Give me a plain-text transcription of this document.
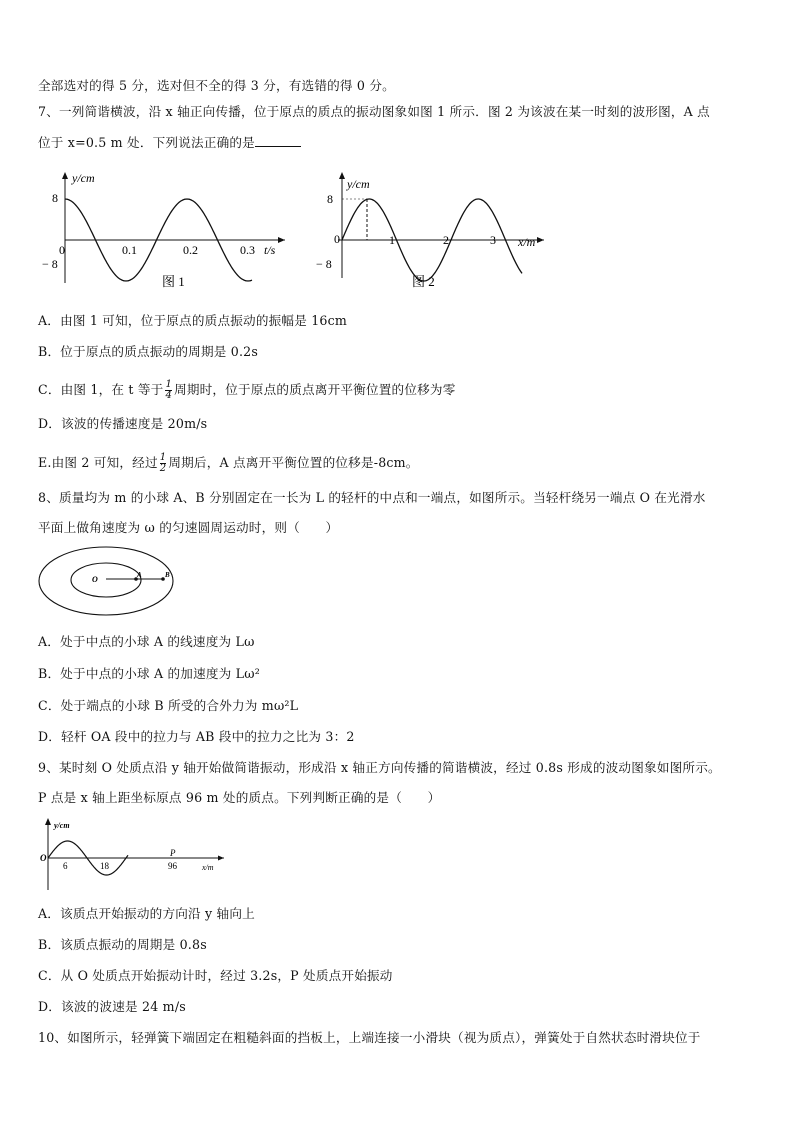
全部选对的得 5 分，选对但不全的得 3 分，有选错的得 0 分。
7、一列简谐横波，沿 x 轴正向传播，位于原点的质点的振动图象如图 1 所示．图 2 为该波在某一时刻的波形图，A 点
位于 x=0.5 m 处．下列说法正确的是
y/cm
8
− 8
0	0.1	0.2	0.3 t/s
图 1
y/cm
8
− 8
0	1	2	3 x/m
图 2
A．由图 1 可知，位于原点的质点振动的振幅是 16cm
B．位于原点的质点振动的周期是 0.2s
C．由图 1，在 t 等于 $\frac{1}{4}$ 周期时，位于原点的质点离开平衡位置的位移为零
D．该波的传播速度是 20m/s
E.由图 2 可知，经过 $\frac{1}{2}$ 周期后，A 点离开平衡位置的位移是-8cm。
8、质量均为 m 的小球 A、B 分别固定在一长为 L 的轻杆的中点和一端点，如图所示。当轻杆绕另一端点 O 在光滑水
平面上做角速度为 ω 的匀速圆周运动时，则（　　）
O	A	B
A．处于中点的小球 A 的线速度为 Lω
B．处于中点的小球 A 的加速度为 Lω²
C．处于端点的小球 B 所受的合外力为 mω²L
D．轻杆 OA 段中的拉力与 AB 段中的拉力之比为 3：2
9、某时刻 O 处质点沿 y 轴开始做简谐振动，形成沿 x 轴正方向传播的简谐横波，经过 0.8s 形成的波动图象如图所示。
P 点是 x 轴上距坐标原点 96 m 处的质点。下列判断正确的是（　　）
y/cm
O
6	18
P
96	x/m
A．该质点开始振动的方向沿 y 轴向上
B．该质点振动的周期是 0.8s
C．从 O 处质点开始振动计时，经过 3.2s，P 处质点开始振动
D．该波的波速是 24 m/s
10、如图所示，轻弹簧下端固定在粗糙斜面的挡板上，上端连接一小滑块（视为质点），弹簧处于自然状态时滑块位于
